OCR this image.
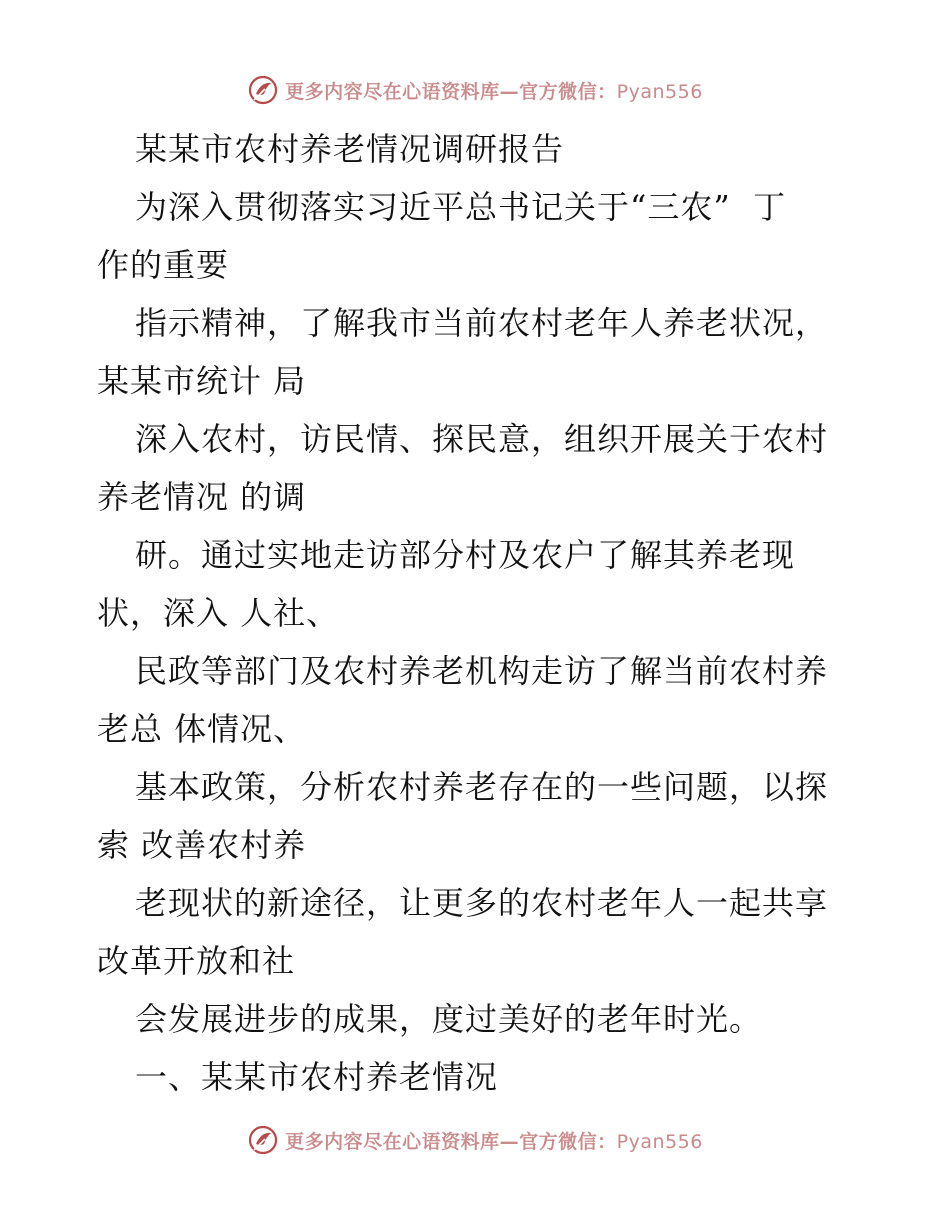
更多内容尽在心语资料库—官方微信：Pyan556
某某市农村养老情况调研报告
为深入贯彻落实习近平总书记关于“三农”  丁
作的重要
指示精神，了解我市当前农村老年人养老状况，
某某市统计 局
深入农村，访民情、探民意，组织开展关于农村
养老情况 的调
研。通过实地走访部分村及农户了解其养老现
状，深入 人社、
民政等部门及农村养老机构走访了解当前农村养
老总 体情况、
基本政策，分析农村养老存在的一些问题，以探
索 改善农村养
老现状的新途径，让更多的农村老年人一起共享
改革开放和社
会发展进步的成果，度过美好的老年时光。
一、某某市农村养老情况
更多内容尽在心语资料库—官方微信：Pyan556
